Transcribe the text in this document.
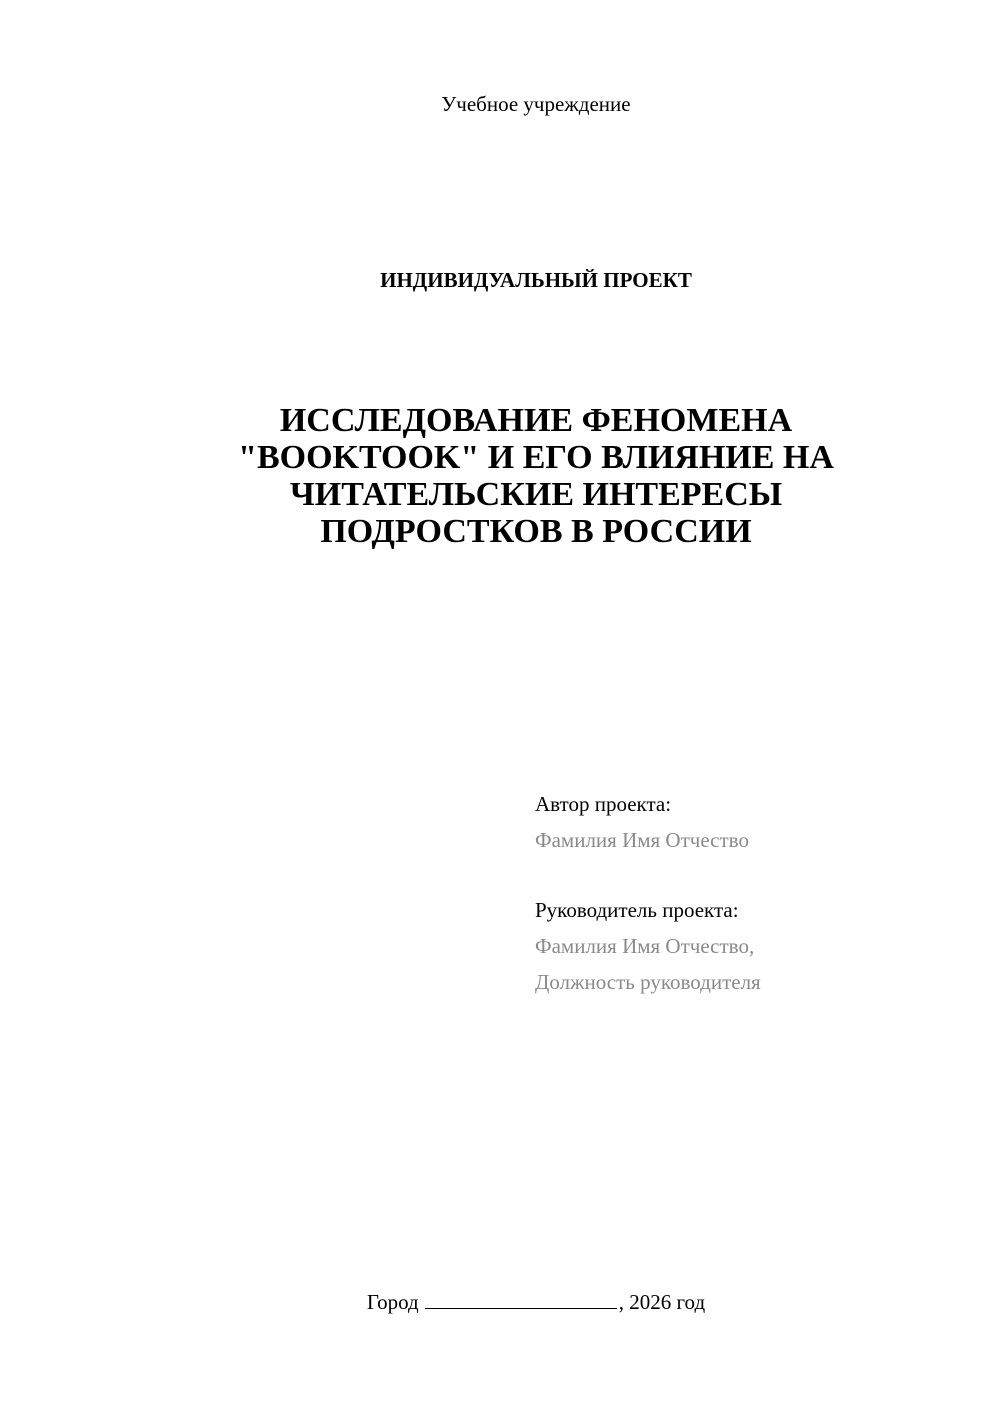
Учебное учреждение
ИНДИВИДУАЛЬНЫЙ ПРОЕКТ
ИССЛЕДОВАНИЕ ФЕНОМЕНА
"BOOKTOOK" И ЕГО ВЛИЯНИЕ НА
ЧИТАТЕЛЬСКИЕ ИНТЕРЕСЫ
ПОДРОСТКОВ В РОССИИ
Автор проекта:
Фамилия Имя Отчество
Руководитель проекта:
Фамилия Имя Отчество,
Должность руководителя
Город	, 2026 год
